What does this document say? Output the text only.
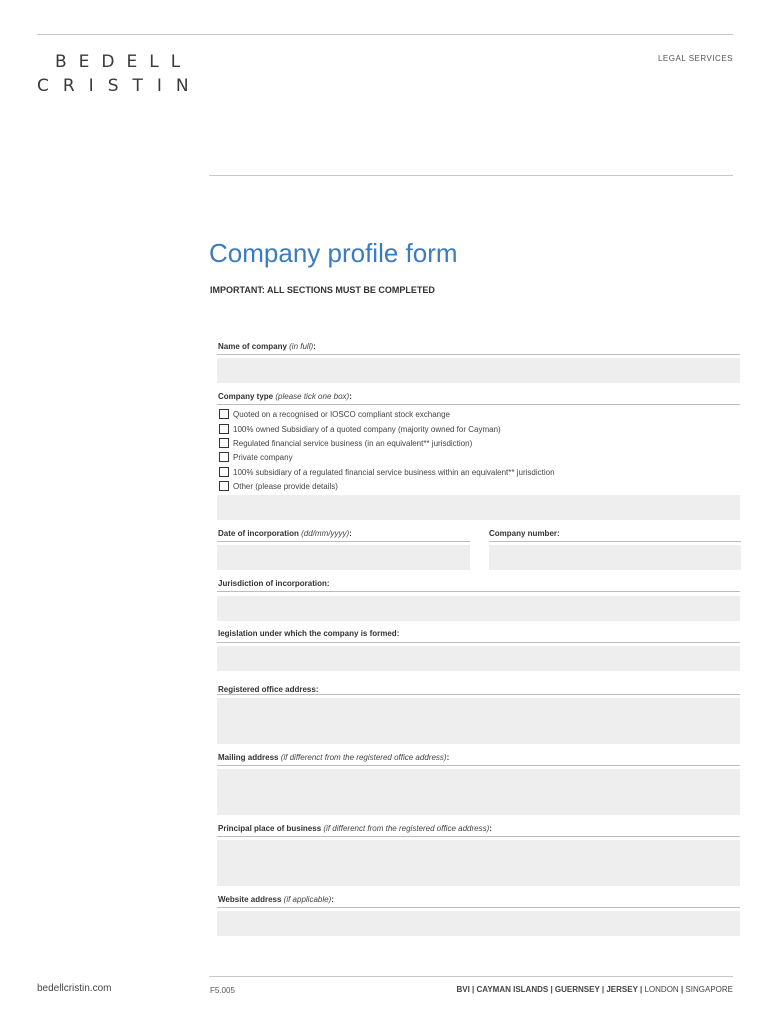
BEDELL
CRISTIN
LEGAL SERVICES
Company profile form
IMPORTANT: ALL SECTIONS MUST BE COMPLETED
Name of company (in full):
Company type (please tick one box):
Quoted on a recognised or IOSCO compliant stock exchange
100% owned Subsidiary of a quoted company (majority owned for Cayman)
Regulated financial service business (in an equivalent** jurisdiction)
Private company
100% subsidiary of a regulated financial service business within an equivalent** jurisdiction
Other (please provide details)
Date of incorporation (dd/mm/yyyy):	Company number:
Jurisdiction of incorporation:
legislation under which the company is formed:
Registered office address:
Mailing address (if differenct from the registered office address):
Principal place of business (if differenct from the registered office address):
Website address (if applicable):
bedellcristin.com	F5.005	BVI | CAYMAN ISLANDS | GUERNSEY | JERSEY | LONDON | SINGAPORE
